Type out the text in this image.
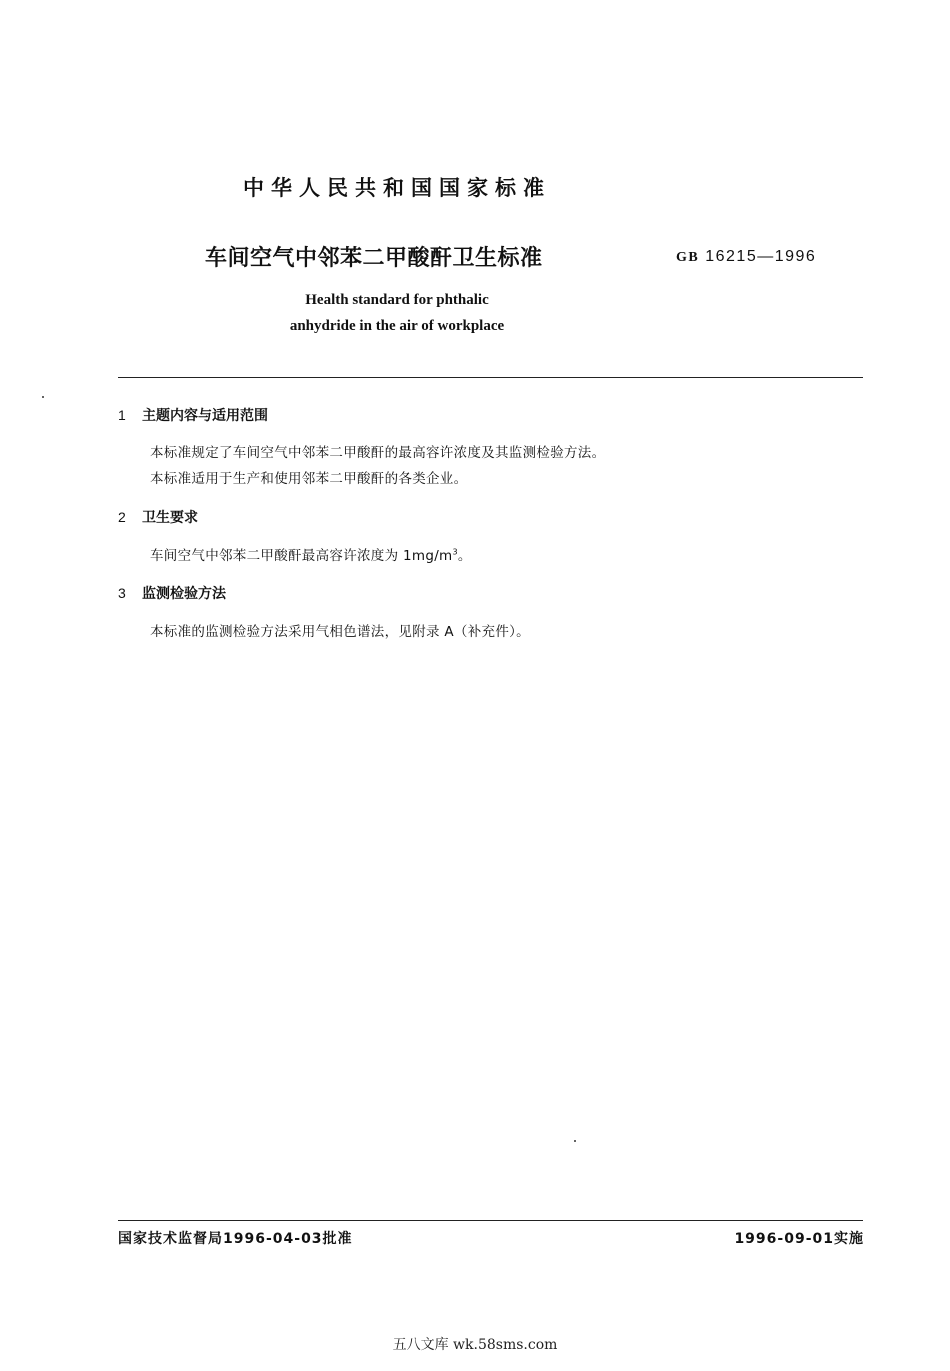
中华人民共和国国家标准
车间空气中邻苯二甲酸酐卫生标准	GB 16215—1996
Health standard for phthalic
anhydride in the air of workplace
1 主题内容与适用范围
本标准规定了车间空气中邻苯二甲酸酐的最高容许浓度及其监测检验方法。
本标准适用于生产和使用邻苯二甲酸酐的各类企业。
2 卫生要求
车间空气中邻苯二甲酸酐最高容许浓度为 $1mg/m^3$。
3 监测检验方法
本标准的监测检验方法采用气相色谱法，见附录 A（补充件）。
国家技术监督局1996-04-03批准	1996-09-01实施
五八文库 wk.58sms.com
